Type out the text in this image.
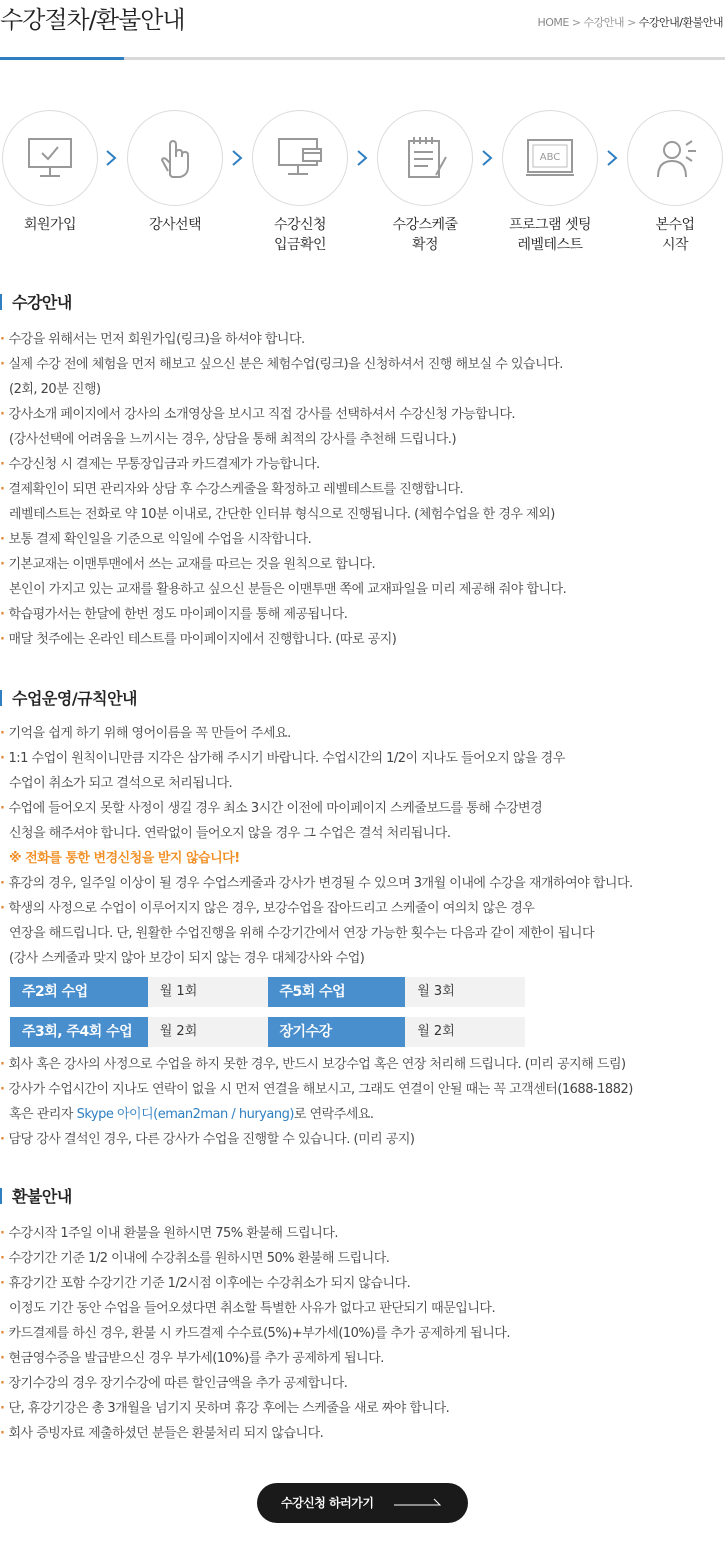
수강절차/환불안내	HOME > 수강안내 > 수강안내/환불안내
회원가입	강사선택	수강신청
입금확인
수강스케줄
확정
ABC
프로그램 셋팅
레벨테스트
본수업
시작
수강안내
· 수강을 위해서는 먼저 회원가입(링크)을 하셔야 합니다.
· 실제 수강 전에 체험을 먼저 해보고 싶으신 분은 체험수업(링크)을 신청하셔서 진행 해보실 수 있습니다.
(2회, 20분 진행)
· 강사소개 페이지에서 강사의 소개영상을 보시고 직접 강사를 선택하셔서 수강신청 가능합니다.
(강사선택에 어려움을 느끼시는 경우, 상담을 통해 최적의 강사를 추천해 드립니다.)
· 수강신청 시 결제는 무통장입금과 카드결제가 가능합니다.
· 결제확인이 되면 관리자와 상담 후 수강스케줄을 확정하고 레벨테스트를 진행합니다.
레벨테스트는 전화로 약 10분 이내로, 간단한 인터뷰 형식으로 진행됩니다. (체험수업을 한 경우 제외)
· 보통 결제 확인일을 기준으로 익일에 수업을 시작합니다.
· 기본교재는 이맨투맨에서 쓰는 교재를 따르는 것을 원칙으로 합니다.
본인이 가지고 있는 교재를 활용하고 싶으신 분들은 이맨투맨 쪽에 교재파일을 미리 제공해 줘야 합니다.
· 학습평가서는 한달에 한번 정도 마이페이지를 통해 제공됩니다.
· 매달 첫주에는 온라인 테스트를 마이페이지에서 진행합니다. (따로 공지)
수업운영/규칙안내
· 기억을 쉽게 하기 위해 영어이름을 꼭 만들어 주세요.
· 1:1 수업이 원칙이니만큼 지각은 삼가해 주시기 바랍니다. 수업시간의 1/2이 지나도 들어오지 않을 경우
수업이 취소가 되고 결석으로 처리됩니다.
· 수업에 들어오지 못할 사정이 생길 경우 최소 3시간 이전에 마이페이지 스케줄보드를 통해 수강변경
신청을 해주셔야 합니다. 연락없이 들어오지 않을 경우 그 수업은 결석 처리됩니다.
※ 전화를 통한 변경신청을 받지 않습니다!
· 휴강의 경우, 일주일 이상이 될 경우 수업스케줄과 강사가 변경될 수 있으며 3개월 이내에 수강을 재개하여야 합니다.
· 학생의 사정으로 수업이 이루어지지 않은 경우, 보강수업을 잡아드리고 스케줄이 여의치 않은 경우
연장을 해드립니다. 단, 원활한 수업진행을 위해 수강기간에서 연장 가능한 횟수는 다음과 같이 제한이 됩니다
(강사 스케줄과 맞지 않아 보강이 되지 않는 경우 대체강사와 수업)
주2회 수업	월 1회	주5회 수업	월 3회
주3회, 주4회 수업	월 2회	장기수강	월 2회
· 회사 혹은 강사의 사정으로 수업을 하지 못한 경우, 반드시 보강수업 혹은 연장 처리해 드립니다. (미리 공지해 드림)
· 강사가 수업시간이 지나도 연락이 없을 시 먼저 연결을 해보시고, 그래도 연결이 안될 때는 꼭 고객센터(1688-1882)
혹은 관리자 Skype 아이디(eman2man / huryang)로 연락주세요.
· 담당 강사 결석인 경우, 다른 강사가 수업을 진행할 수 있습니다. (미리 공지)
환불안내
· 수강시작 1주일 이내 환불을 원하시면 75% 환불해 드립니다.
· 수강기간 기준 1/2 이내에 수강취소를 원하시면 50% 환불해 드립니다.
· 휴강기간 포함 수강기간 기준 1/2시점 이후에는 수강취소가 되지 않습니다.
이정도 기간 동안 수업을 들어오셨다면 취소할 특별한 사유가 없다고 판단되기 때문입니다.
· 카드결제를 하신 경우, 환불 시 카드결제 수수료(5%)+부가세(10%)를 추가 공제하게 됩니다.
· 현금영수증을 발급받으신 경우 부가세(10%)를 추가 공제하게 됩니다.
· 장기수강의 경우 장기수강에 따른 할인금액을 추가 공제합니다.
· 단, 휴강기강은 총 3개월을 넘기지 못하며 휴강 후에는 스케줄을 새로 짜야 합니다.
· 회사 증빙자료 제출하셨던 분들은 환불처리 되지 않습니다.
수강신청 하러가기
